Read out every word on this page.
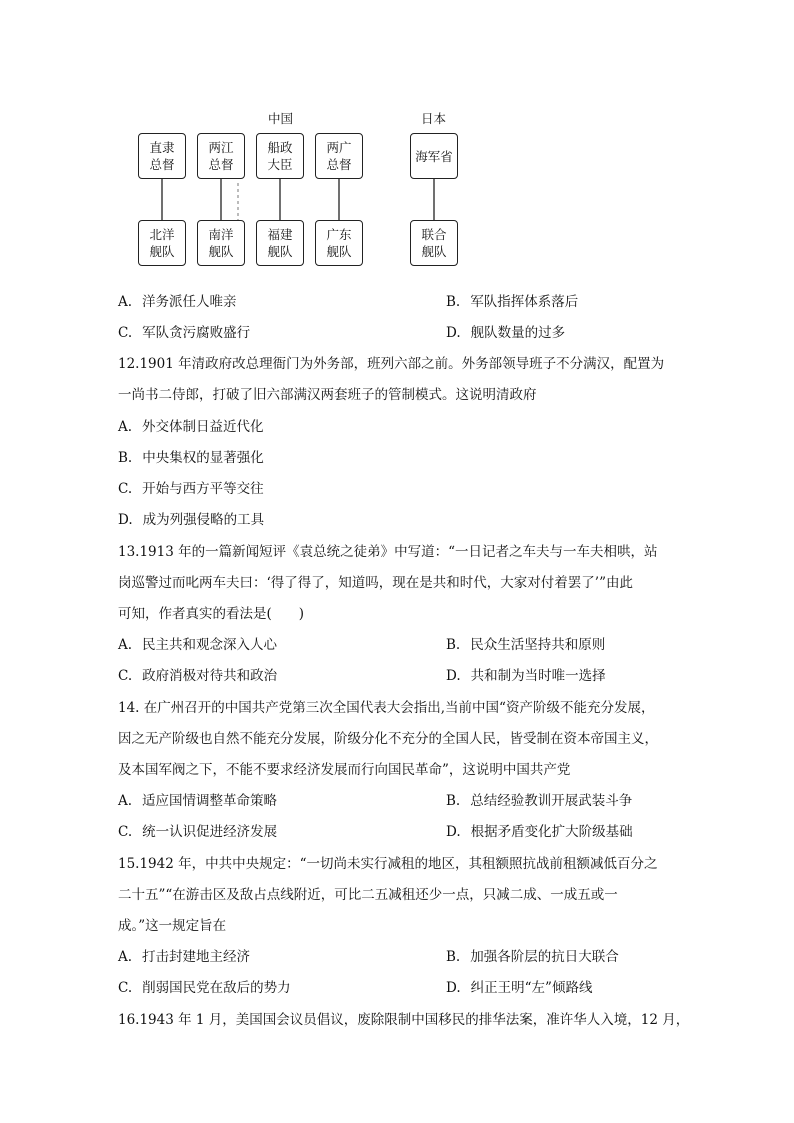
中国	日本
直隶总督
两江总督
船政大臣
两广总督
海军省
北洋舰队
南洋舰队
福建舰队
广东舰队
联合舰队
A. 洋务派任人唯亲	B. 军队指挥体系落后
C. 军队贪污腐败盛行	D. 舰队数量的过多
12.1901 年清政府改总理衙门为外务部，班列六部之前。外务部领导班子不分满汉，配置为
一尚书二侍郎，打破了旧六部满汉两套班子的管制模式。这说明清政府
A. 外交体制日益近代化
B. 中央集权的显著强化
C. 开始与西方平等交往
D. 成为列强侵略的工具
13.1913 年的一篇新闻短评《袁总统之徒弟》中写道：“一日记者之车夫与一车夫相哄，站
岗巡警过而叱两车夫曰：‘得了得了，知道吗，现在是共和时代，大家对付着罢了’”由此
可知，作者真实的看法是(　　)
A. 民主共和观念深入人心	B. 民众生活坚持共和原则
C. 政府消极对待共和政治	D. 共和制为当时唯一选择
14. 在广州召开的中国共产党第三次全国代表大会指出,当前中国“资产阶级不能充分发展，
因之无产阶级也自然不能充分发展，阶级分化不充分的全国人民，皆受制在资本帝国主义，
及本国军阀之下，不能不要求经济发展而行向国民革命”，这说明中国共产党
A. 适应国情调整革命策略	B. 总结经验教训开展武装斗争
C. 统一认识促进经济发展	D. 根据矛盾变化扩大阶级基础
15.1942 年，中共中央规定：“一切尚未实行减租的地区，其租额照抗战前租额减低百分之
二十五”“在游击区及敌占点线附近，可比二五减租还少一点，只减二成、一成五或一
成。”这一规定旨在
A. 打击封建地主经济	B. 加强各阶层的抗日大联合
C. 削弱国民党在敌后的势力	D. 纠正王明“左”倾路线
16.1943 年 1 月，美国国会议员倡议，废除限制中国移民的排华法案，准许华人入境，12 月，
